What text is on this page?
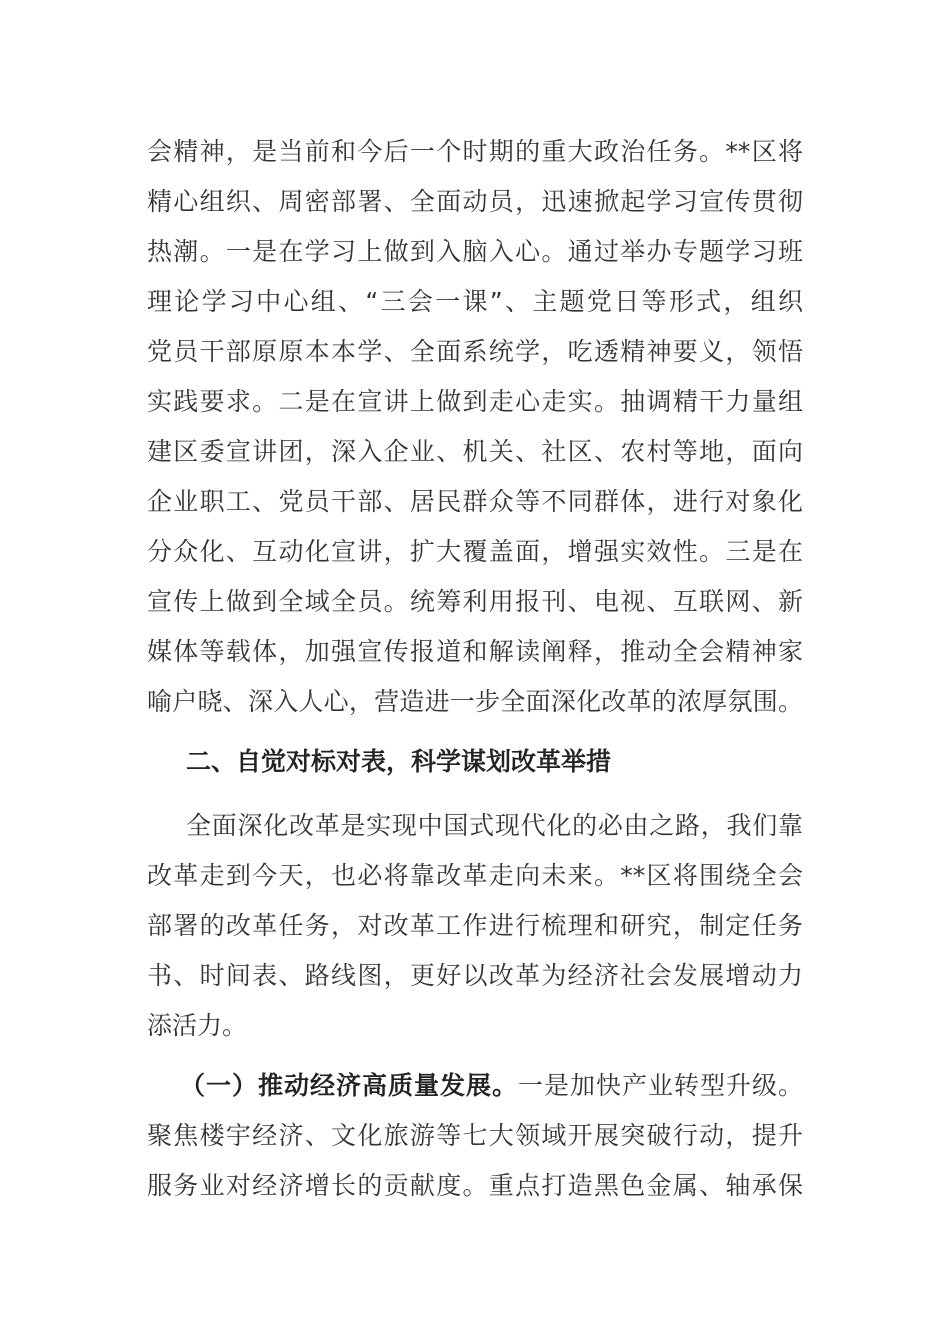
会精神，是当前和今后一个时期的重大政治任务。**区将
精心组织、周密部署、全面动员，迅速掀起学习宣传贯彻
热潮。一是在学习上做到入脑入心。通过举办专题学习班
理论学习中心组、“三会一课”、主题党日等形式，组织
党员干部原原本本学、全面系统学，吃透精神要义，领悟
实践要求。二是在宣讲上做到走心走实。抽调精干力量组
建区委宣讲团，深入企业、机关、社区、农村等地，面向
企业职工、党员干部、居民群众等不同群体，进行对象化
分众化、互动化宣讲，扩大覆盖面，增强实效性。三是在
宣传上做到全域全员。统筹利用报刊、电视、互联网、新
媒体等载体，加强宣传报道和解读阐释，推动全会精神家
喻户晓、深入人心，营造进一步全面深化改革的浓厚氛围。
二、自觉对标对表，科学谋划改革举措
全面深化改革是实现中国式现代化的必由之路，我们靠
改革走到今天，也必将靠改革走向未来。**区将围绕全会
部署的改革任务，对改革工作进行梳理和研究，制定任务
书、时间表、路线图，更好以改革为经济社会发展增动力
添活力。
（一）推动经济高质量发展。一是加快产业转型升级。
聚焦楼宇经济、文化旅游等七大领域开展突破行动，提升
服务业对经济增长的贡献度。重点打造黑色金属、轴承保
